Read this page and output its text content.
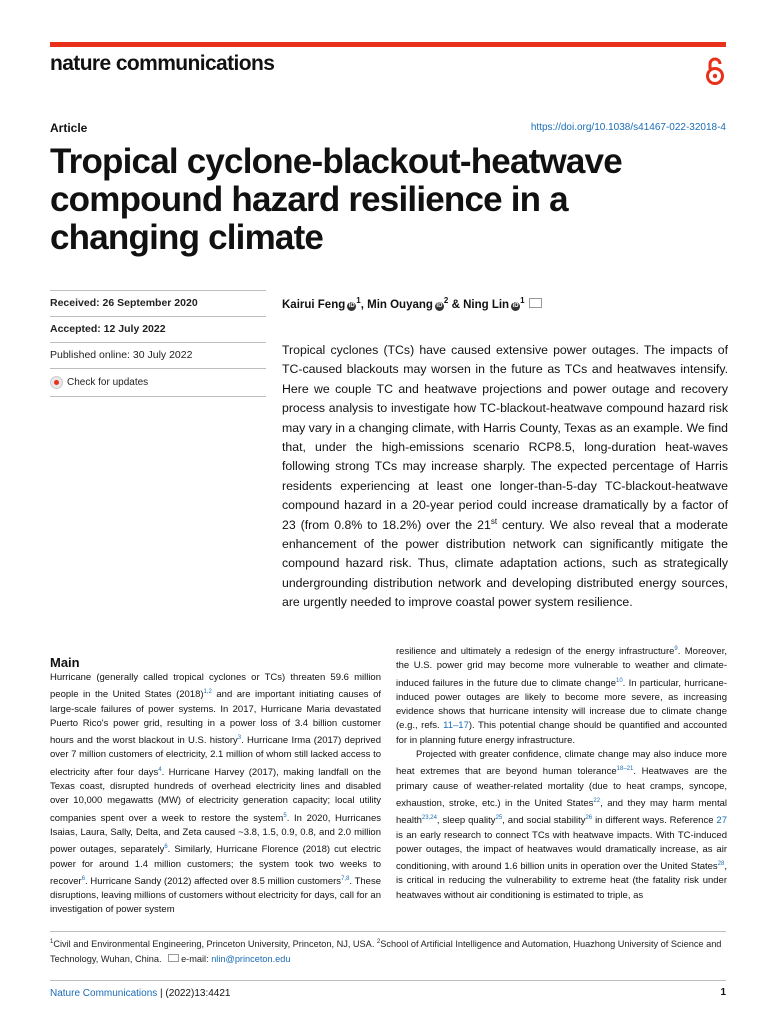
nature communications
Article	https://doi.org/10.1038/s41467-022-32018-4
Tropical cyclone-blackout-heatwave compound hazard resilience in a changing climate
Received: 26 September 2020
Accepted: 12 July 2022
Published online: 30 July 2022
Check for updates
Kairui Feng $iD^1$, Min Ouyang $iD^2$ & Ning Lin $iD^1$

Tropical cyclones (TCs) have caused extensive power outages. The impacts of TC-caused blackouts may worsen in the future as TCs and heatwaves intensify. Here we couple TC and heatwave projections and power outage and recovery process analysis to investigate how TC-blackout-heatwave compound hazard risk may vary in a changing climate, with Harris County, Texas as an example. We find that, under the high-emissions scenario RCP8.5, long-duration heat-waves following strong TCs may increase sharply. The expected percentage of Harris residents experiencing at least one longer-than-5-day TC-blackout-heatwave compound hazard in a 20-year period could increase dramatically by a factor of 23 (from 0.8% to 18.2%) over the 21st century. We also reveal that a moderate enhancement of the power distribution network can significantly mitigate the compound hazard risk. Thus, climate adaptation actions, such as strategically undergrounding distribution network and developing distributed energy sources, are urgently needed to improve coastal power system resilience.

Main

Hurricane (generally called tropical cyclones or TCs) threaten 59.6 million people in the United States (2018)$^{1,2}$ and are important initiating causes of large-scale failures of power systems. In 2017, Hurricane Maria devastated Puerto Rico's power grid, resulting in a power loss of 3.4 billion customer hours and the worst blackout in U.S. history$^3$. Hurricane Irma (2017) deprived over 7 million customers of electricity, 2.1 million of whom still lacked access to electricity after four days$^4$. Hurricane Harvey (2017), making landfall on the Texas coast, disrupted hundreds of overhead electricity lines and disabled over 10,000 megawatts (MW) of electricity generation capacity; local utility companies spent over a week to restore the system$^5$. In 2020, Hurricanes Isaias, Laura, Sally, Delta, and Zeta caused ~3.8, 1.5, 0.9, 0.8, and 2.0 million power outages, separately$^6$. Similarly, Hurricane Florence (2018) cut electric power for around 1.4 million customers; the system took two weeks to recover$^6$. Hurricane Sandy (2012) affected over 8.5 million customers$^{7,8}$. These disruptions, leaving millions of customers without electricity for days, call for an investigation of power system

resilience and ultimately a redesign of the energy infrastructure$^9$. Moreover, the U.S. power grid may become more vulnerable to weather and climate-induced failures in the future due to climate change$^{10}$. In particular, hurricane-induced power outages are likely to become more severe, as increasing evidence shows that hurricane intensity will increase due to climate change (e.g., refs. 11–17). This potential change should be quantified and accounted for in planning future energy infrastructure.

Projected with greater confidence, climate change may also induce more heat extremes that are beyond human tolerance$^{18-21}$. Heatwaves are the primary cause of weather-related mortality (due to heat cramps, syncope, exhaustion, stroke, etc.) in the United States$^{22}$, and they may harm mental health$^{23,24}$, sleep quality$^{25}$, and social stability$^{26}$ in different ways. Reference 27 is an early research to connect TCs with heatwave impacts. With TC-induced power outages, the impact of heatwaves would dramatically increase, as air conditioning, with around 1.6 billion units in operation over the United States$^{28}$, is critical in reducing the vulnerability to extreme heat (the fatality risk under heatwaves without air conditioning is estimated to triple, as

$^1$Civil and Environmental Engineering, Princeton University, Princeton, NJ, USA. $^2$School of Artificial Intelligence and Automation, Huazhong University of Science and Technology, Wuhan, China. e-mail: nlin@princeton.edu

Nature Communications | (2022)13:4421	1
